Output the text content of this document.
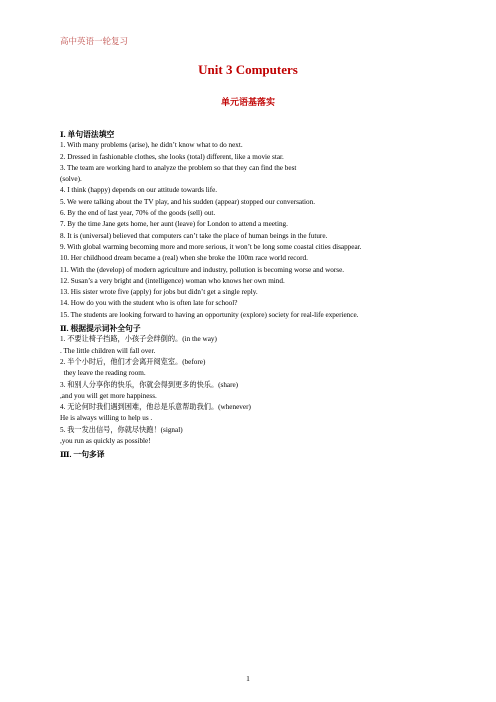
高中英语一轮复习
Unit 3 Computers
单元语基落实
Ⅰ. 单句语法填空
1. With many problems (arise), he didn’t know what to do next.
2. Dressed in fashionable clothes, she looks (total) different, like a movie star.
3. The team are working hard to analyze the problem so that they can find the best
(solve).
4. I think (happy) depends on our attitude towards life.
5. We were talking about the TV play, and his sudden (appear) stopped our conversation.
6. By the end of last year, 70% of the goods (sell) out.
7. By the time Jane gets home, her aunt (leave) for London to attend a meeting.
8. It is (universal) believed that computers can’t take the place of human beings in the future.
9. With global warming becoming more and more serious, it won’t be long some coastal cities disappear.
10. Her childhood dream became a (real) when she broke the 100m race world record.
11. With the (develop) of modern agriculture and industry, pollution is becoming worse and worse.
12. Susan’s a very bright and (intelligence) woman who knows her own mind.
13. His sister wrote five (apply) for jobs but didn’t get a single reply.
14. How do you with the student who is often late for school?
15. The students are looking forward to having an opportunity (explore) society for real-life experience.
Ⅱ. 根据提示词补全句子
1. 不要让椅子挡路，小孩子会绊倒的。(in the way)
. The little children will fall over.
2. 半个小时后，他们才会离开阅览室。(before)
they leave the reading room.
3. 和别人分享你的快乐，你就会得到更多的快乐。(share)
,and you will get more happiness.
4. 无论何时我们遇到困难，他总是乐意帮助我们。(whenever)
He is always willing to help us .
5. 我一发出信号，你就尽快跑！(signal)
,you run as quickly as possible!
Ⅲ. 一句多译
1
